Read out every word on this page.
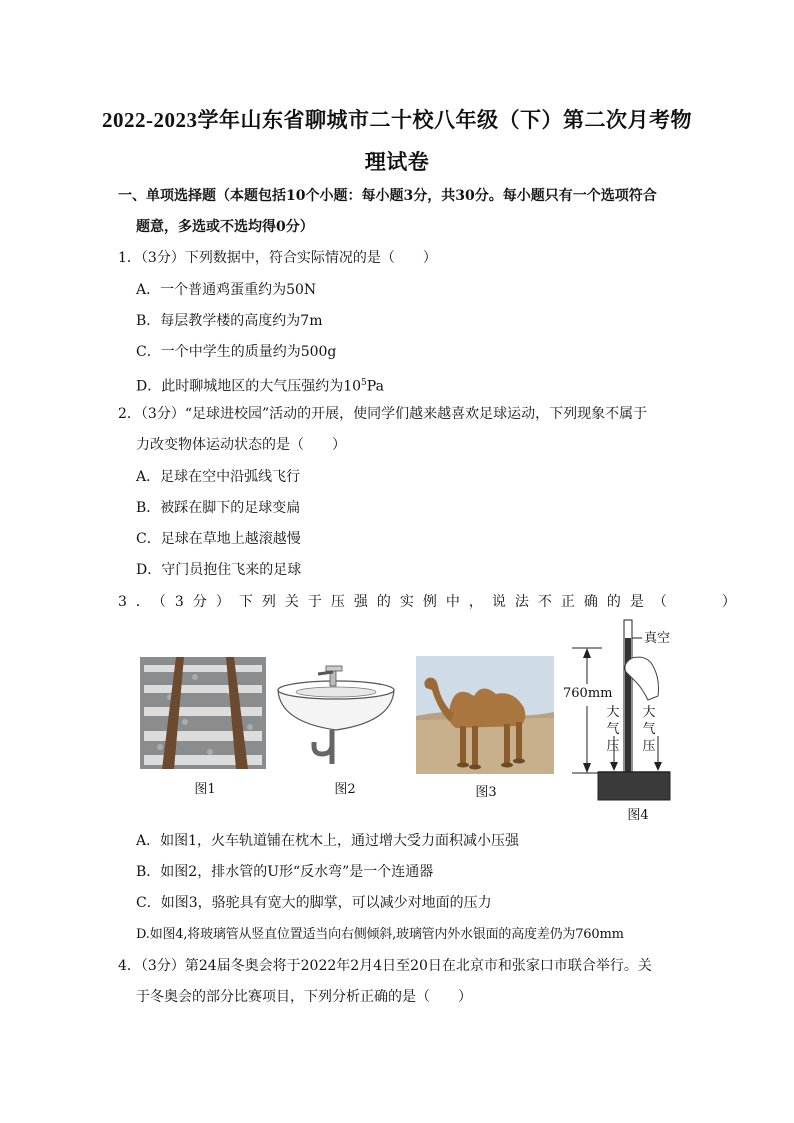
2022-2023学年山东省聊城市二十校八年级（下）第二次月考物
理试卷
一、单项选择题（本题包括10个小题：每小题3分，共30分。每小题只有一个选项符合
题意，多选或不选均得0分）
1．（3分）下列数据中，符合实际情况的是（　　）
A．一个普通鸡蛋重约为50N
B．每层教学楼的高度约为7m
C．一个中学生的质量约为500g
D．此时聊城地区的大气压强约为$10^5Pa$
2．（3分）“足球进校园”活动的开展，使同学们越来越喜欢足球运动，下列现象不属于
力改变物体运动状态的是（　　）
A．足球在空中沿弧线飞行
B．被踩在脚下的足球变扁
C．足球在草地上越滚越慢
D．守门员抱住飞来的足球
3．（3分）下列关于压强的实例中，说法不正确的是（　　）
图1	图2	图3
真空
760mm
大
气
压
大
气
压
图4
A．如图1，火车轨道铺在枕木上，通过增大受力面积减小压强
B．如图2，排水管的U形“反水弯”是一个连通器
C．如图3，骆驼具有宽大的脚掌，可以减少对地面的压力
D.如图4,将玻璃管从竖直位置适当向右侧倾斜,玻璃管内外水银面的高度差仍为760mm
4．（3分）第24届冬奥会将于2022年2月4日至20日在北京市和张家口市联合举行。关
于冬奥会的部分比赛项目，下列分析正确的是（　　）
